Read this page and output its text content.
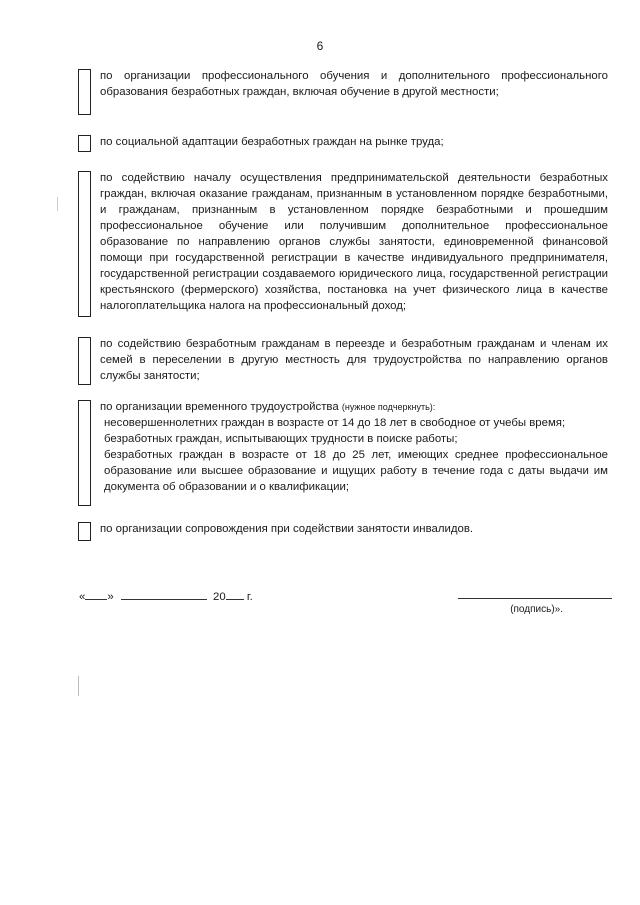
6
по организации профессионального обучения и дополнительного профессионального образования безработных граждан, включая обучение в другой местности;
по социальной адаптации безработных граждан на рынке труда;
по содействию началу осуществления предпринимательской деятельности безработных граждан, включая оказание гражданам, признанным в установленном порядке безработными, и гражданам, признанным в установленном порядке безработными и прошедшим профессиональное обучение или получившим дополнительное профессиональное образование по направлению органов службы занятости, единовременной финансовой помощи при государственной регистрации в качестве индивидуального предпринимателя, государственной регистрации создаваемого юридического лица, государственной регистрации крестьянского (фермерского) хозяйства, постановка на учет физического лица в качестве налогоплательщика налога на профессиональный доход;
по содействию безработным гражданам в переезде и безработным гражданам и членам их семей в переселении в другую местность для трудоустройства по направлению органов службы занятости;
по организации временного трудоустройства (нужное подчеркнуть):
несовершеннолетних граждан в возрасте от 14 до 18 лет в свободное от учебы время;
безработных граждан, испытывающих трудности в поиске работы;
безработных граждан в возрасте от 18 до 25 лет, имеющих среднее профессиональное образование или высшее образование и ищущих работу в течение года с даты выдачи им документа об образовании и о квалификации;
по организации сопровождения при содействии занятости инвалидов.
« »	20 г.
(подпись)».
